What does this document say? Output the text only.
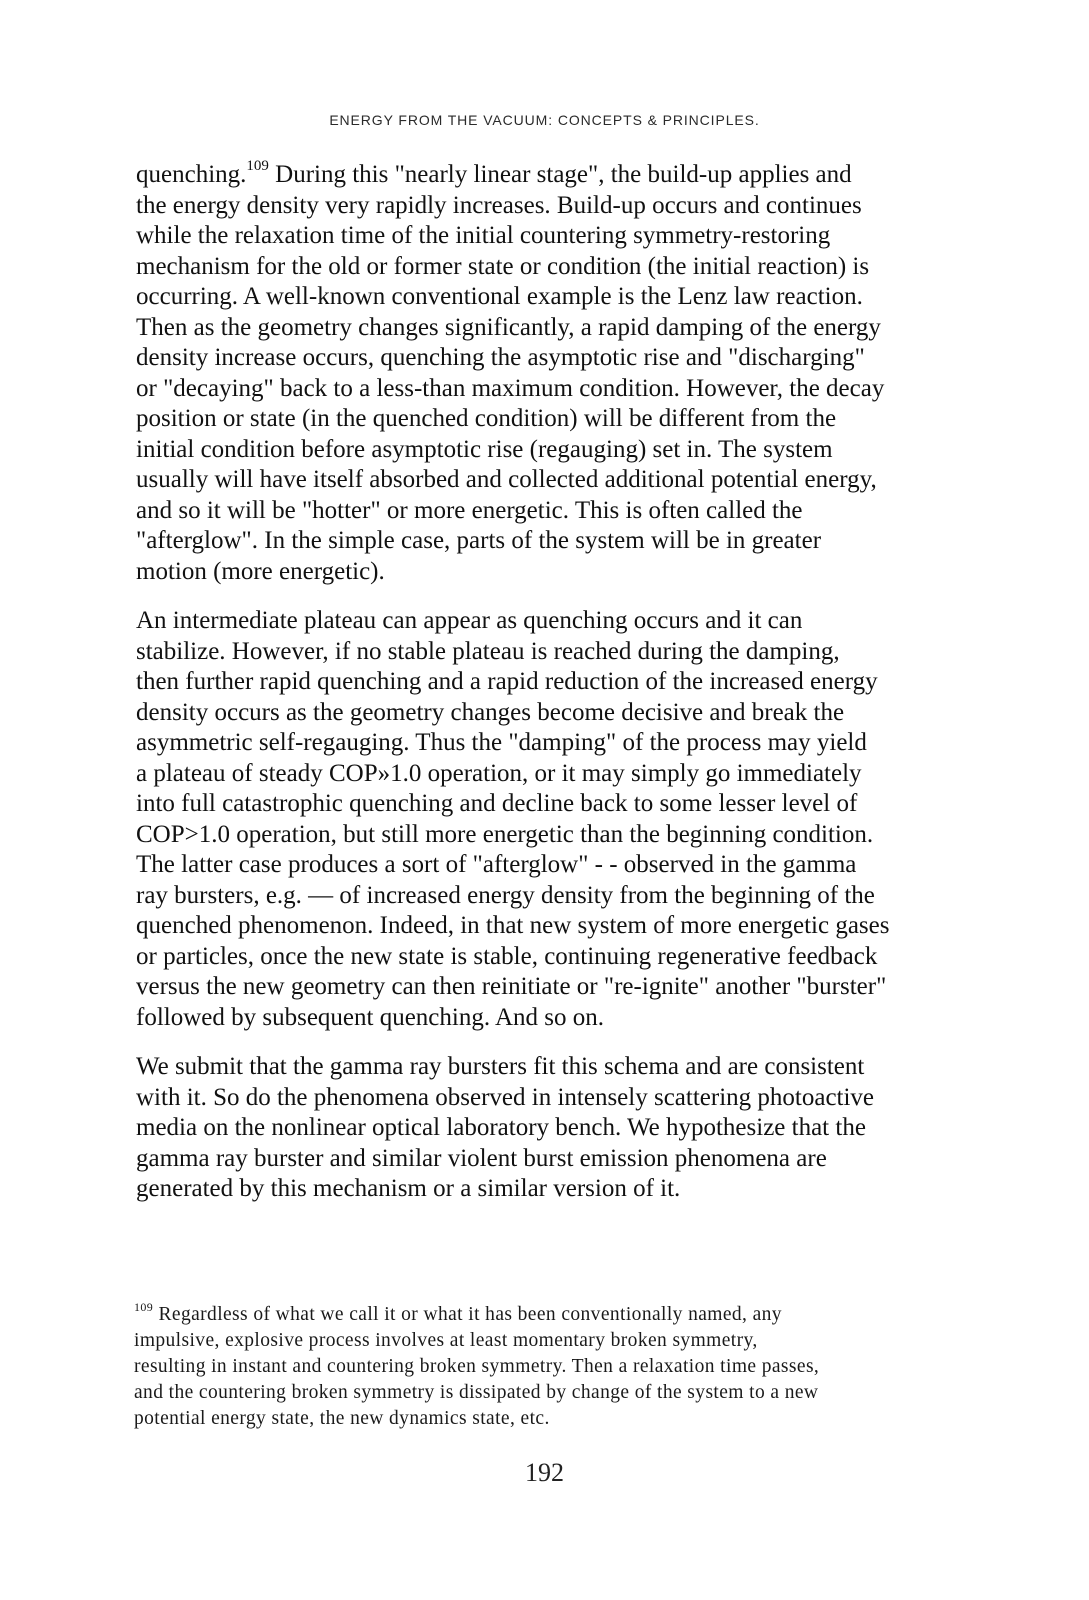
ENERGY FROM THE VACUUM: CONCEPTS & PRINCIPLES.

quenching.$^{109}$ During this "nearly linear stage", the build-up applies and
the energy density very rapidly increases. Build-up occurs and continues
while the relaxation time of the initial countering symmetry-restoring
mechanism for the old or former state or condition (the initial reaction) is
occurring. A well-known conventional example is the Lenz law reaction.
Then as the geometry changes significantly, a rapid damping of the energy
density increase occurs, quenching the asymptotic rise and "discharging"
or "decaying" back to a less-than maximum condition. However, the decay
position or state (in the quenched condition) will be different from the
initial condition before asymptotic rise (regauging) set in. The system
usually will have itself absorbed and collected additional potential energy,
and so it will be "hotter" or more energetic. This is often called the
"afterglow". In the simple case, parts of the system will be in greater
motion (more energetic).

An intermediate plateau can appear as quenching occurs and it can
stabilize. However, if no stable plateau is reached during the damping,
then further rapid quenching and a rapid reduction of the increased energy
density occurs as the geometry changes become decisive and break the
asymmetric self-regauging. Thus the "damping" of the process may yield
a plateau of steady COP»1.0 operation, or it may simply go immediately
into full catastrophic quenching and decline back to some lesser level of
COP>1.0 operation, but still more energetic than the beginning condition.
The latter case produces a sort of "afterglow" - - observed in the gamma
ray bursters, e.g. — of increased energy density from the beginning of the
quenched phenomenon. Indeed, in that new system of more energetic gases
or particles, once the new state is stable, continuing regenerative feedback
versus the new geometry can then reinitiate or "re-ignite" another "burster"
followed by subsequent quenching. And so on.

We submit that the gamma ray bursters fit this schema and are consistent
with it. So do the phenomena observed in intensely scattering photoactive
media on the nonlinear optical laboratory bench. We hypothesize that the
gamma ray burster and similar violent burst emission phenomena are
generated by this mechanism or a similar version of it.

$^{109}$ Regardless of what we call it or what it has been conventionally named, any
impulsive, explosive process involves at least momentary broken symmetry,
resulting in instant and countering broken symmetry. Then a relaxation time passes,
and the countering broken symmetry is dissipated by change of the system to a new
potential energy state, the new dynamics state, etc.
192
